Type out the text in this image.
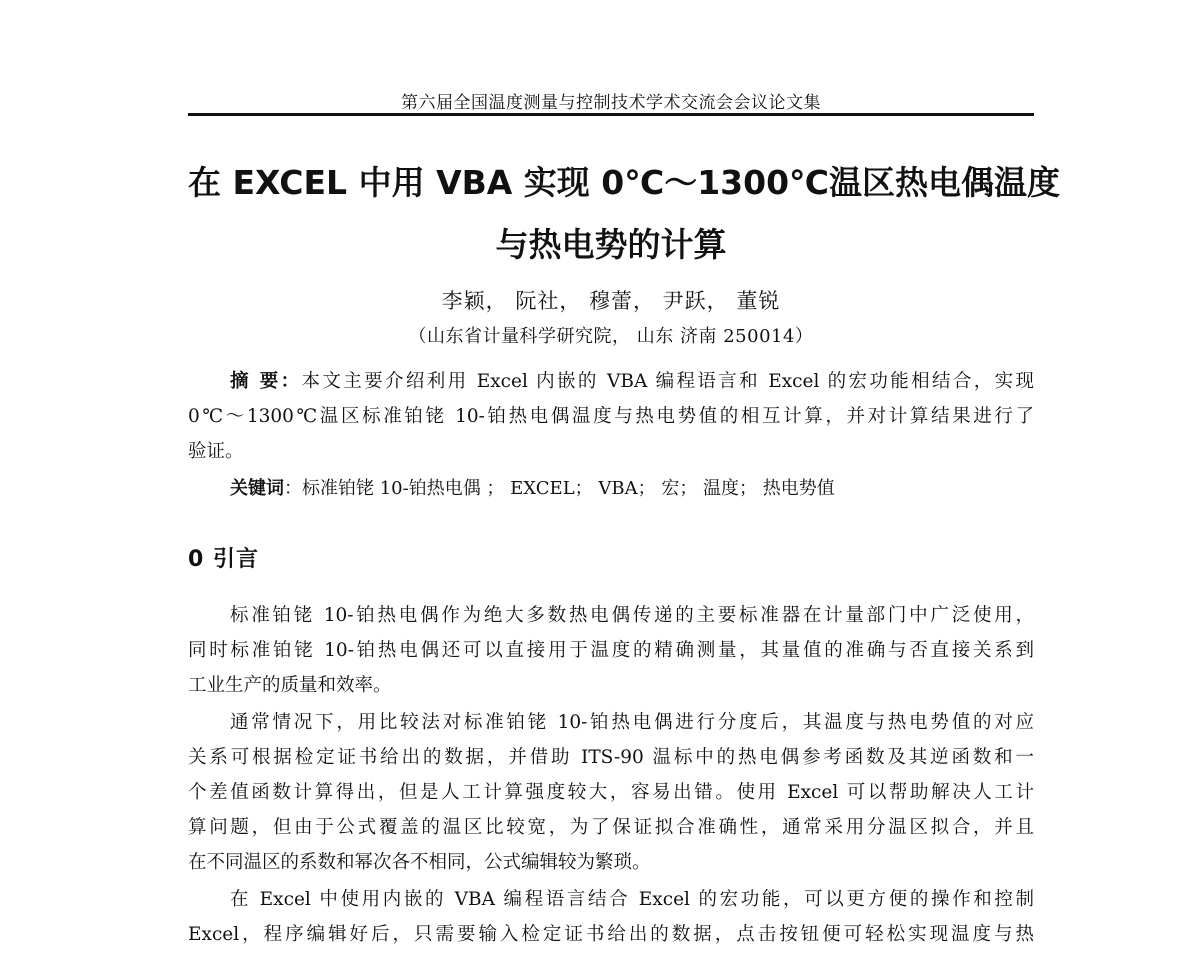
第六届全国温度测量与控制技术学术交流会会议论文集
在 EXCEL 中用 VBA 实现 0℃～1300℃温区热电偶温度
与热电势的计算
李颖， 阮社， 穆蕾， 尹跃， 董锐
（山东省计量科学研究院， 山东 济南 250014）
摘 要：本文主要介绍利用 Excel 内嵌的 VBA 编程语言和 Excel 的宏功能相结合，实现
0℃～1300℃温区标准铂铑 10-铂热电偶温度与热电势值的相互计算，并对计算结果进行了
验证。
关键词：标准铂铑 10-铂热电偶 ； EXCEL； VBA； 宏； 温度； 热电势值
0 引言
标准铂铑 10-铂热电偶作为绝大多数热电偶传递的主要标准器在计量部门中广泛使用，
同时标准铂铑 10-铂热电偶还可以直接用于温度的精确测量，其量值的准确与否直接关系到
工业生产的质量和效率。
通常情况下，用比较法对标准铂铑 10-铂热电偶进行分度后，其温度与热电势值的对应
关系可根据检定证书给出的数据，并借助 ITS-90 温标中的热电偶参考函数及其逆函数和一
个差值函数计算得出，但是人工计算强度较大，容易出错。使用 Excel 可以帮助解决人工计
算问题，但由于公式覆盖的温区比较宽，为了保证拟合准确性，通常采用分温区拟合，并且
在不同温区的系数和幂次各不相同，公式编辑较为繁琐。
在 Excel 中使用内嵌的 VBA 编程语言结合 Excel 的宏功能，可以更方便的操作和控制
Excel，程序编辑好后，只需要输入检定证书给出的数据，点击按钮便可轻松实现温度与热
